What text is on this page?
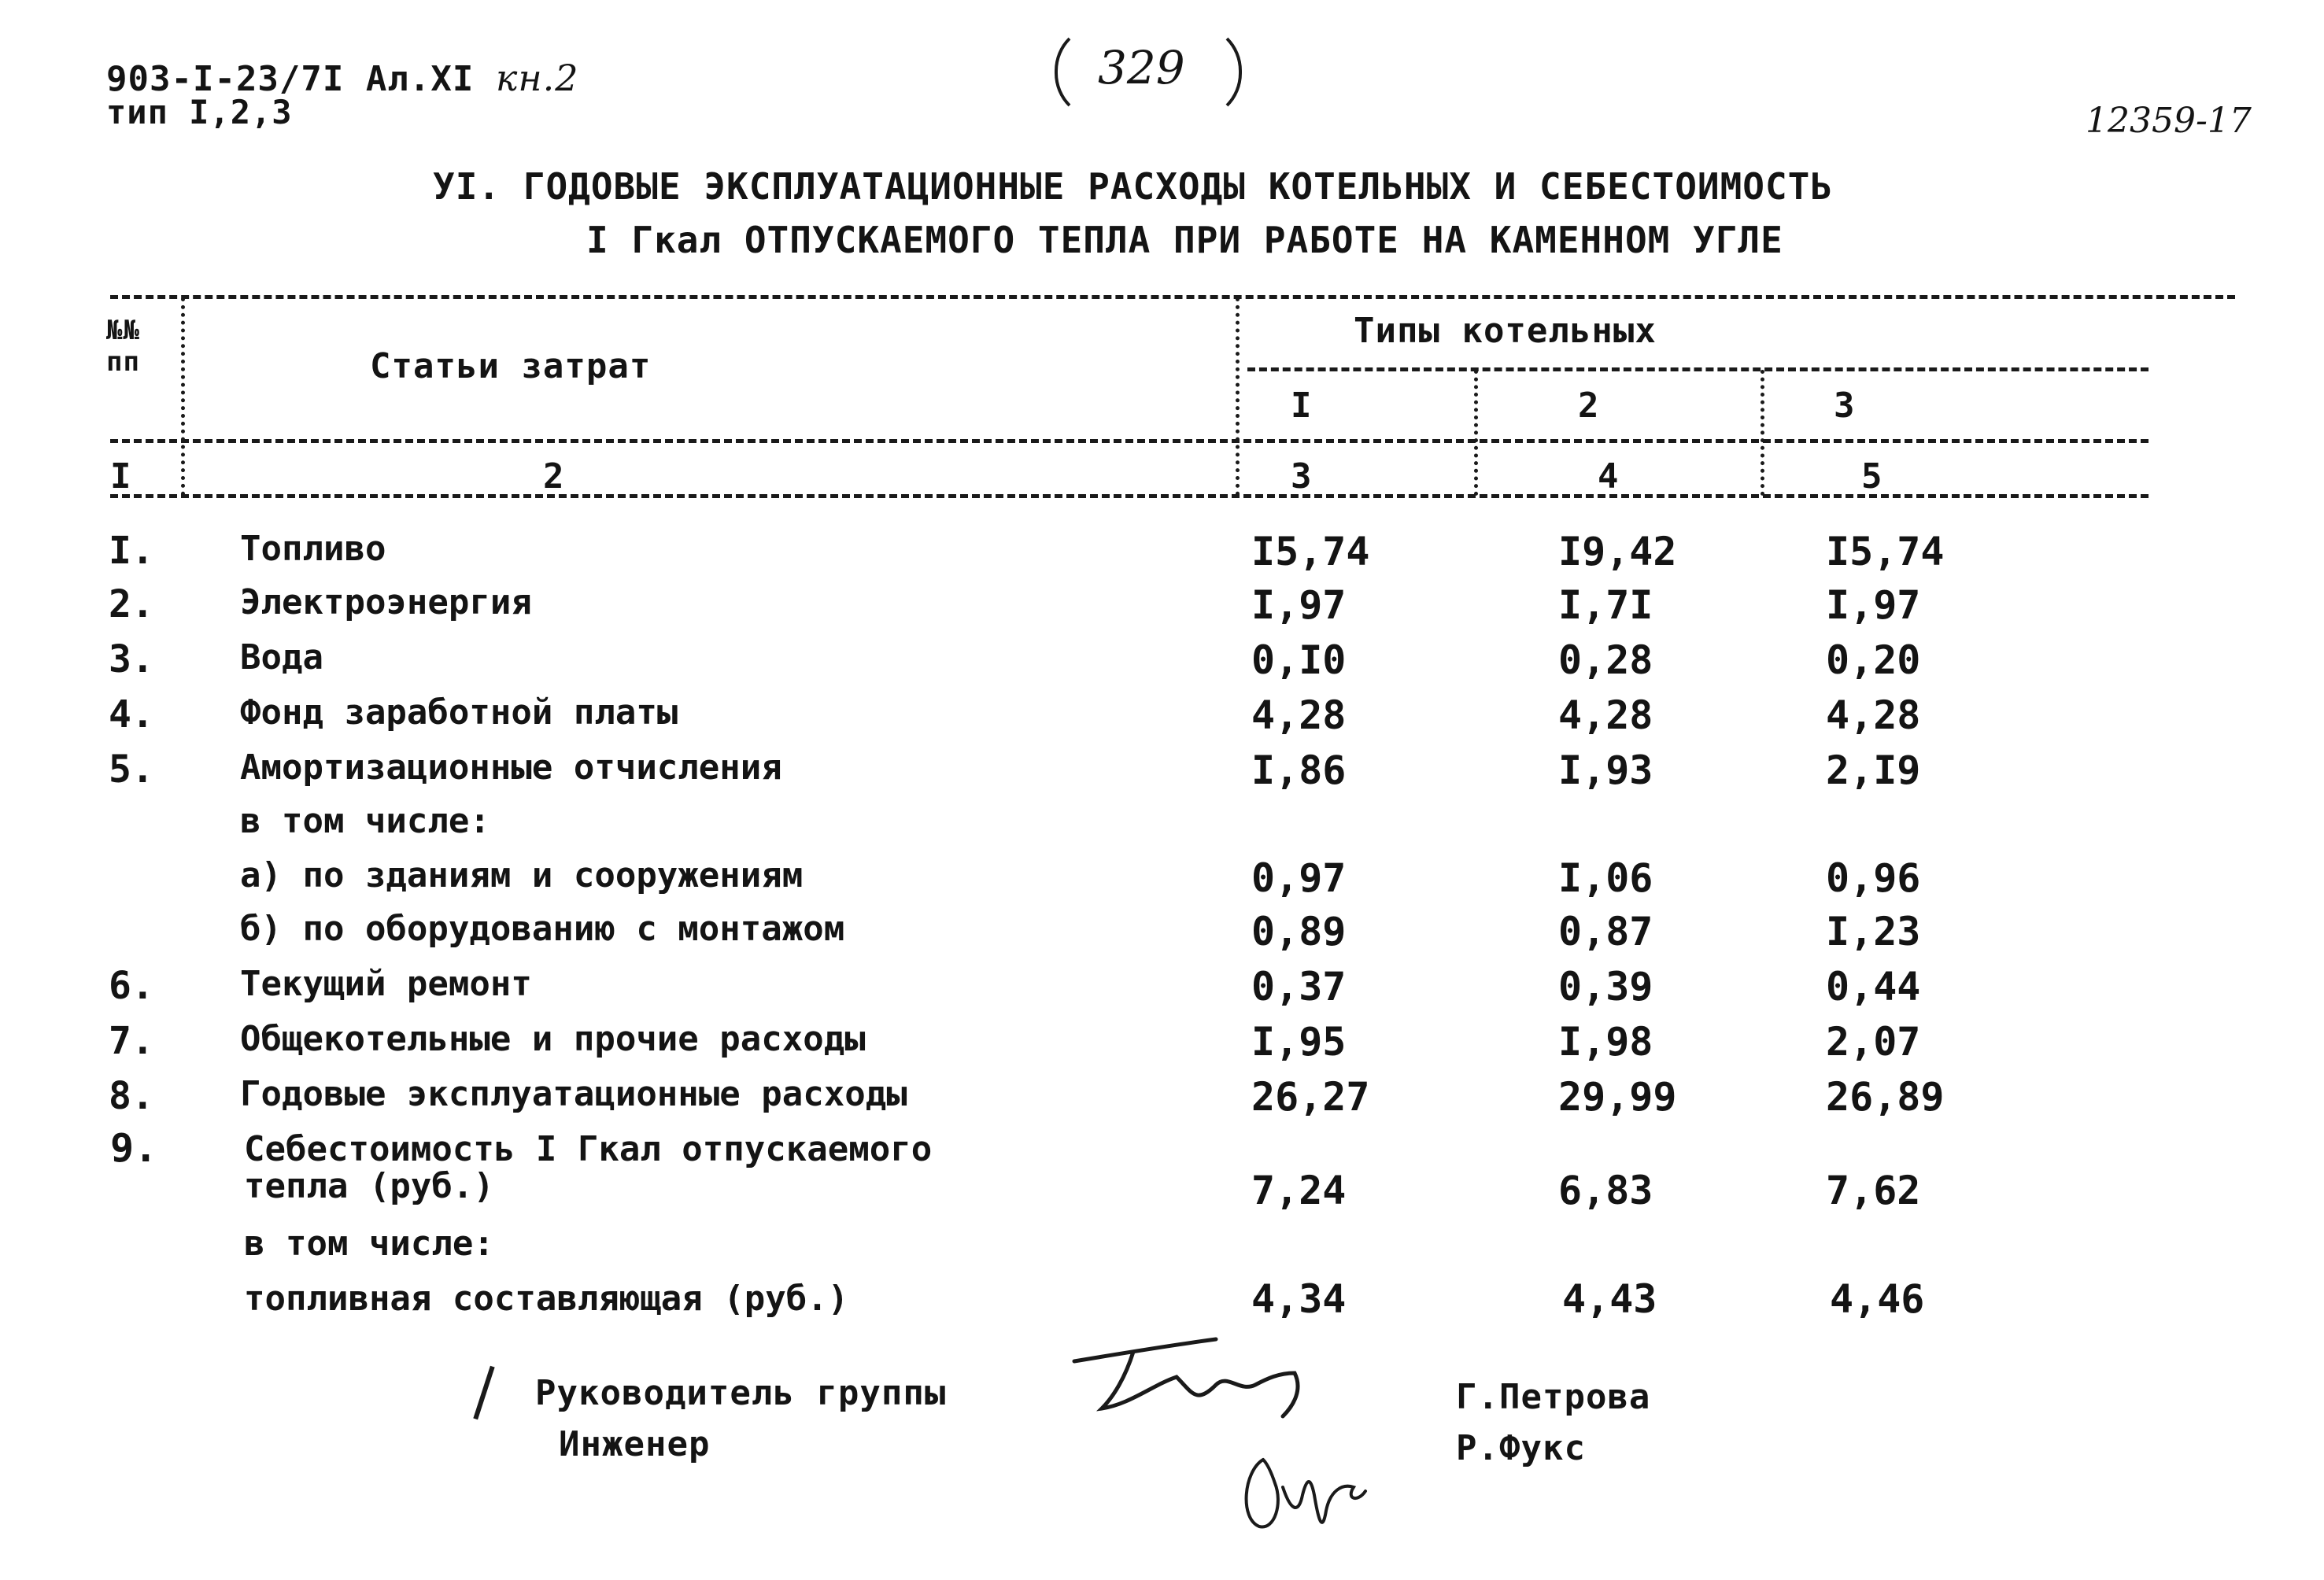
903-I-23/7I Ал.XI кн.2
тип I,2,3
329
12359-17
УI. ГОДОВЫЕ ЭКСПЛУАТАЦИОННЫЕ РАСХОДЫ КОТЕЛЬНЫХ И СЕБЕСТОИМОСТЬ
I Гкал ОТПУСКАЕМОГО ТЕПЛА ПРИ РАБОТЕ НА КАМЕННОМ УГЛЕ
№№ пп	Статьи затрат
Типы котельных
I	2	3
I	2	3	4	5
I. Топливо	I5,74	I9,42	I5,74
2. Электроэнергия	I,97	I,7I	I,97
3. Вода	0,I0	0,28	0,20
4. Фонд заработной платы	4,28	4,28	4,28
5. Амортизационные отчисления	I,86	I,93	2,I9
в том числе:
а) по зданиям и сооружениям	0,97	I,06	0,96
б) по оборудованию с монтажом	0,89	0,87	I,23
6. Текущий ремонт	0,37	0,39	0,44
7. Общекотельные и прочие расходы	I,95	I,98	2,07
8. Годовые эксплуатационные расходы	26,27	29,99	26,89
9. Себестоимость I Гкал отпускаемого
тепла (руб.)	7,24	6,83	7,62
в том числе:
топливная составляющая (руб.)	4,34	4,43	4,46
Руководитель группы
Инженер
Г.Петрова
Р.Фукс
